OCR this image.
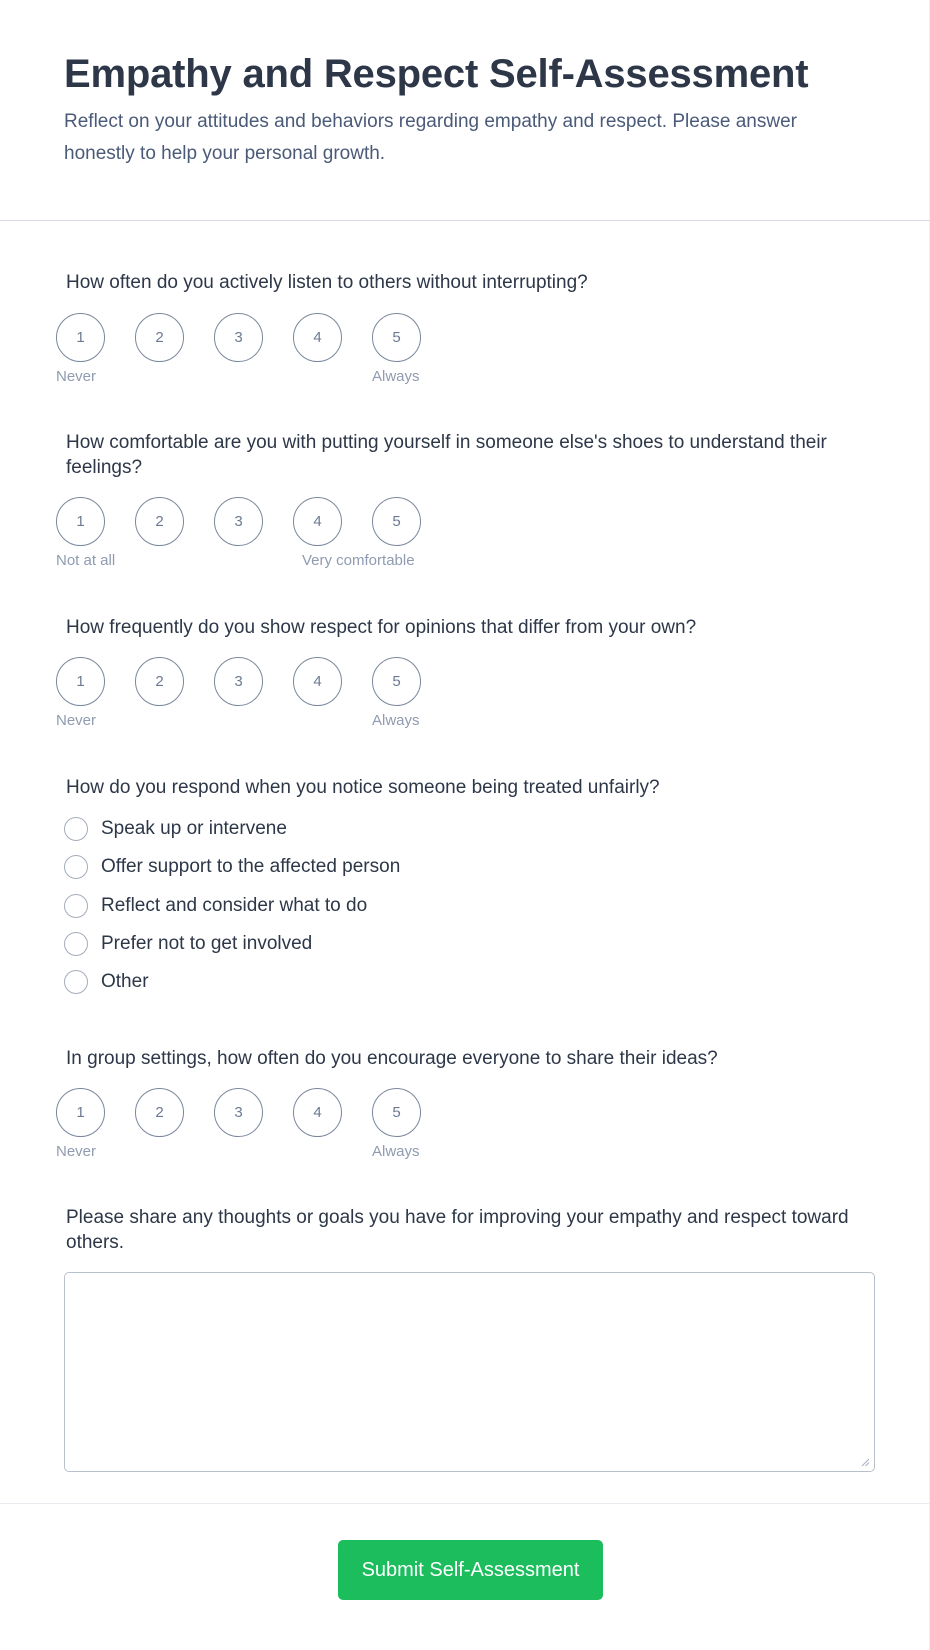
Empathy and Respect Self-Assessment

Reflect on your attitudes and behaviors regarding empathy and respect. Please answer honestly to help your personal growth.

How often do you actively listen to others without interrupting?
1	2	3	4	5
Never	Always
How comfortable are you with putting yourself in someone else's shoes to understand their feelings?
1	2	3	4	5
Not at all	Very comfortable
How frequently do you show respect for opinions that differ from your own?
1	2	3	4	5
Never	Always
How do you respond when you notice someone being treated unfairly?
Speak up or intervene
Offer support to the affected person
Reflect and consider what to do
Prefer not to get involved
Other
In group settings, how often do you encourage everyone to share their ideas?
1	2	3	4	5
Never	Always
Please share any thoughts or goals you have for improving your empathy and respect toward others.
Submit Self-Assessment
